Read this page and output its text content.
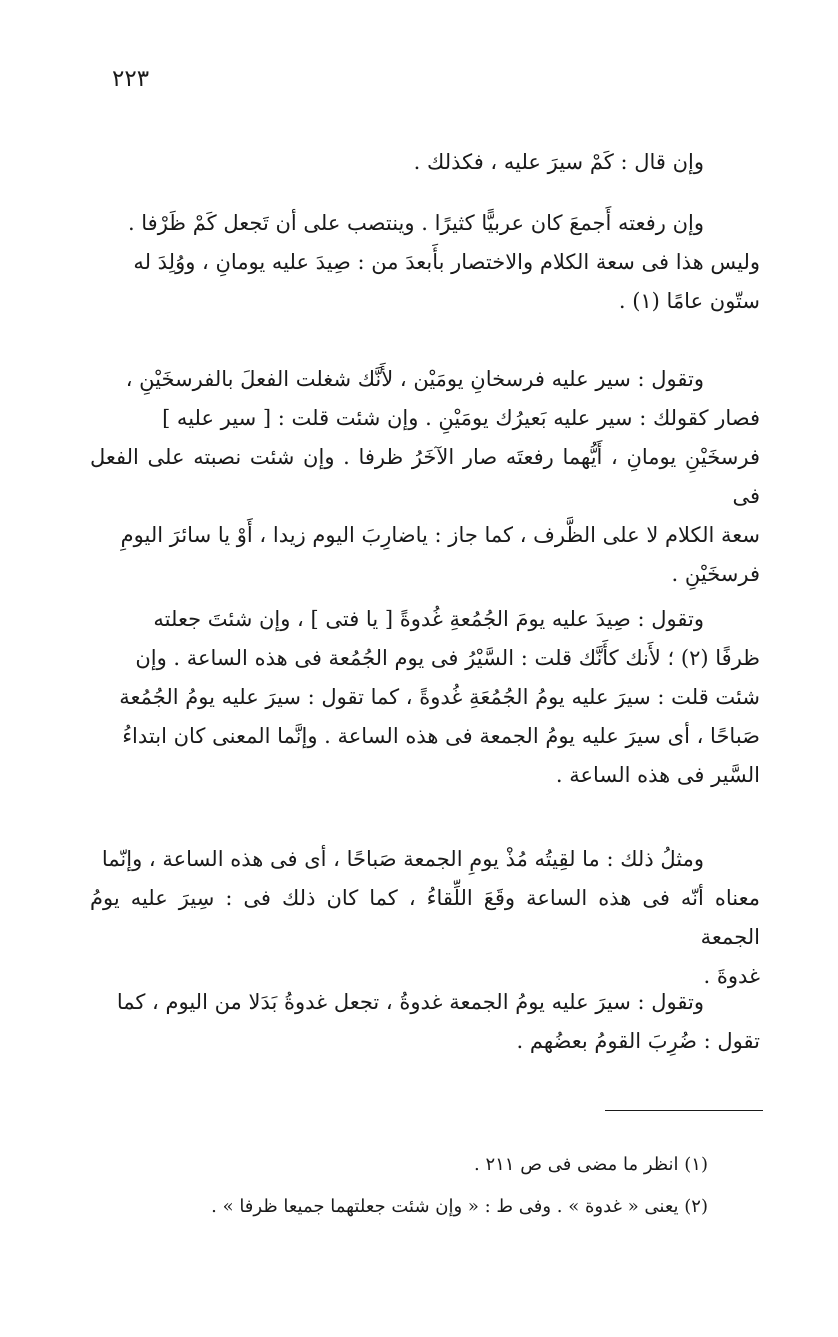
٢٢٣
وإن قال : كَمْ سيرَ عليه ، فكذلك .
وإن رفعته أَجمعَ كان عربيًّا كثيرًا . وينتصب على أن تَجعل كَمْ ظَرْفا .
وليس هذا فى سعة الكلام والاختصار بأَبعدَ من : صِيدَ عليه يومانِ ، ووُلِدَ له
ستّون عامًا (١) .
وتقول : سير عليه فرسخانِ يومَيْن ، لأَنَّك شغلت الفعلَ بالفرسخَيْنِ ،
فصار كقولك : سير عليه بَعيرُك يومَيْنِ . وإن شئت قلت : [ سير عليه ]
فرسخَيْنِ يومانِ ، أَيُّهما رفعتَه صار الآخَرُ ظرفا . وإن شئت نصبته على الفعل فى
سعة الكلام لا على الظَّرف ، كما جاز : ياضارِبَ اليوم زيدا ، أَوْ يا سائرَ اليومِ
فرسخَيْنِ .
وتقول : صِيدَ عليه يومَ الجُمُعةِ غُدوةً [ يا فتى ] ، وإن شئتَ جعلته
ظرفًا (٢) ؛ لأَنك كأَنَّك قلت : السَّيْرُ فى يوم الجُمُعة فى هذه الساعة . وإن
شئت قلت : سيرَ عليه يومُ الجُمُعَةِ غُدوةً ، كما تقول : سيرَ عليه يومُ الجُمُعة
صَباحًا ، أى سيرَ عليه يومُ الجمعة فى هذه الساعة . وإنَّما المعنى كان ابتداءُ
السَّير فى هذه الساعة .
ومثلُ ذلك : ما لقِيتُه مُذْ يومِ الجمعة صَباحًا ، أى فى هذه الساعة ، وإنّما
معناه أنّه فى هذه الساعة وقَعَ اللِّقاءُ ، كما كان ذلك فى : سِيرَ عليه يومُ الجمعة
غدوةَ .
وتقول : سيرَ عليه يومُ الجمعة غدوةُ ، تجعل غدوةُ بَدَلا من اليوم ، كما
تقول : ضُرِبَ القومُ بعضُهم .
(١) انظر ما مضى فى ص ٢١١ .
(٢) يعنى « غدوة » . وفى ط : « وإن شئت جعلتهما جميعا ظرفا » .
